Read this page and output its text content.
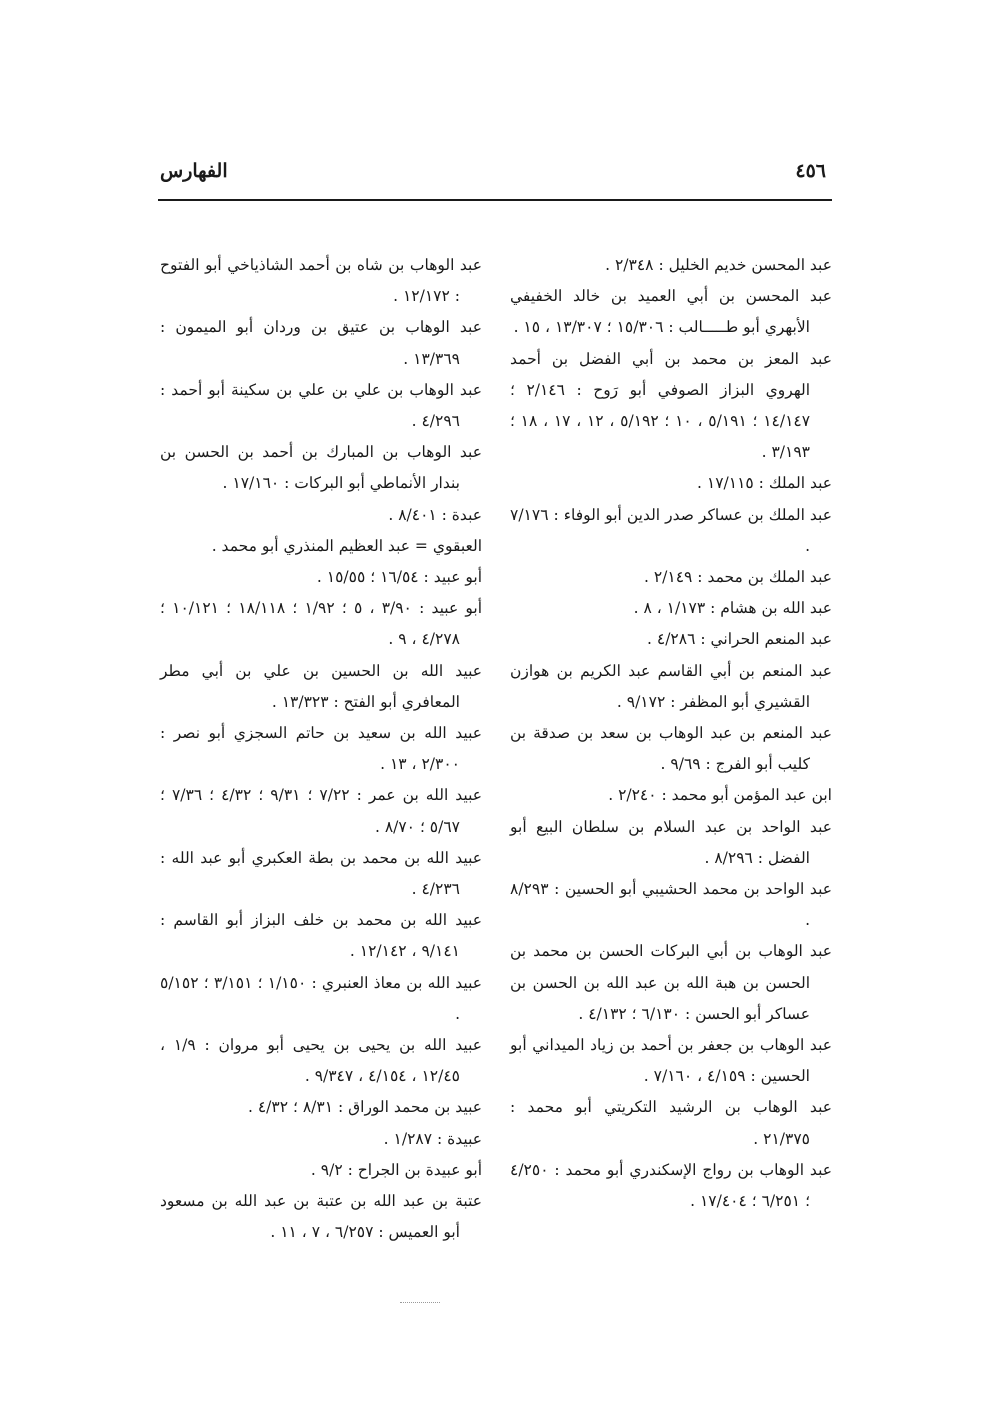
٤٥٦
الفهارس
عبد المحسن خديم الخليل : ٢/٣٤٨ .
عبد المحسن بن أبي العميد بن خالد الخفيفي الأبهري أبو طـــــالب : ١٥/٣٠٦ ؛ ١٣/٣٠٧ ، ١٥ .
عبد المعز بن محمد بن أبي الفضل بن أحمد الهروي البزاز الصوفي أبو رَوح : ٢/١٤٦ ؛ ١٤/١٤٧ ؛ ٥/١٩١ ، ١٠ ؛ ٥/١٩٢ ، ١٢ ، ١٧ ، ١٨ ؛ ٣/١٩٣ .
عبد الملك : ١٧/١١٥ .
عبد الملك بن عساكر صدر الدين أبو الوفاء : ٧/١٧٦ .
عبد الملك بن محمد : ٢/١٤٩ .
عبد الله بن هشام : ١/١٧٣ ، ٨ .
عبد المنعم الحراني : ٤/٢٨٦ .
عبد المنعم بن أبي القاسم عبد الكريم بن هوازن القشيري أبو المظفر : ٩/١٧٢ .
عبد المنعم بن عبد الوهاب بن سعد بن صدقة بن كليب أبو الفرج : ٩/٦٩ .
ابن عبد المؤمن أبو محمد : ٢/٢٤٠ .
عبد الواحد بن عبد السلام بن سلطان البيع أبو الفضل : ٨/٢٩٦ .
عبد الواحد بن محمد الحشيبي أبو الحسين : ٨/٢٩٣ .
عبد الوهاب بن أبي البركات الحسن بن محمد بن الحسن بن هبة الله بن عبد الله بن الحسن بن عساكر أبو الحسن : ٦/١٣٠ ؛ ٤/١٣٢ .
عبد الوهاب بن جعفر بن أحمد بن زياد الميداني أبو الحسين : ٤/١٥٩ ، ٧/١٦٠ .
عبد الوهاب بن الرشيد التكريتي أبو محمد : ٢١/٣٧٥ .
عبد الوهاب بن رواج الإسكندري أبو محمد : ٤/٢٥٠ ؛ ٦/٢٥١ ؛ ١٧/٤٠٤ .
عبد الوهاب بن شاه بن أحمد الشاذياخي أبو الفتوح : ١٢/١٧٢ .
عبد الوهاب بن عتيق بن وردان أبو الميمون : ١٣/٣٦٩ .
عبد الوهاب بن علي بن علي بن سكينة أبو أحمد : ٤/٢٩٦ .
عبد الوهاب بن المبارك بن أحمد بن الحسن بن بندار الأنماطي أبو البركات : ١٧/١٦٠ .
عبدة : ٨/٤٠١ .
العبقوي = عبد العظيم المنذري أبو محمد .
أبو عبيد : ١٦/٥٤ ؛ ١٥/٥٥ .
أبو عبيد : ٣/٩٠ ، ٥ ؛ ١/٩٢ ؛ ١٨/١١٨ ؛ ١٠/١٢١ ؛ ٤/٢٧٨ ، ٩ .
عبيد الله بن الحسين بن علي بن أبي مطر المعافري أبو الفتح : ١٣/٣٢٣ .
عبيد الله بن سعيد بن حاتم السجزي أبو نصر : ٢/٣٠٠ ، ١٣ .
عبيد الله بن عمر : ٧/٢٢ ؛ ٩/٣١ ؛ ٤/٣٢ ؛ ٧/٣٦ ؛ ٥/٦٧ ؛ ٨/٧٠ .
عبيد الله بن محمد بن بطة العكبري أبو عبد الله : ٤/٢٣٦ .
عبيد الله بن محمد بن خلف البزاز أبو القاسم : ٩/١٤١ ، ١٢/١٤٢ .
عبيد الله بن معاذ العنبري : ١/١٥٠ ؛ ٣/١٥١ ؛ ٥/١٥٢ .
عبيد الله بن يحيى بن يحيى أبو مروان : ١/٩ ، ١٢/٤٥ ، ٤/١٥٤ ، ٩/٣٤٧ .
عبيد بن محمد الوراق : ٨/٣١ ؛ ٤/٣٢ .
عبيدة : ١/٢٨٧ .
أبو عبيدة بن الجراح : ٩/٢ .
عتبة بن عبد الله بن عتبة بن عبد الله بن مسعود أبو العميس : ٦/٢٥٧ ، ٧ ، ١١ .
